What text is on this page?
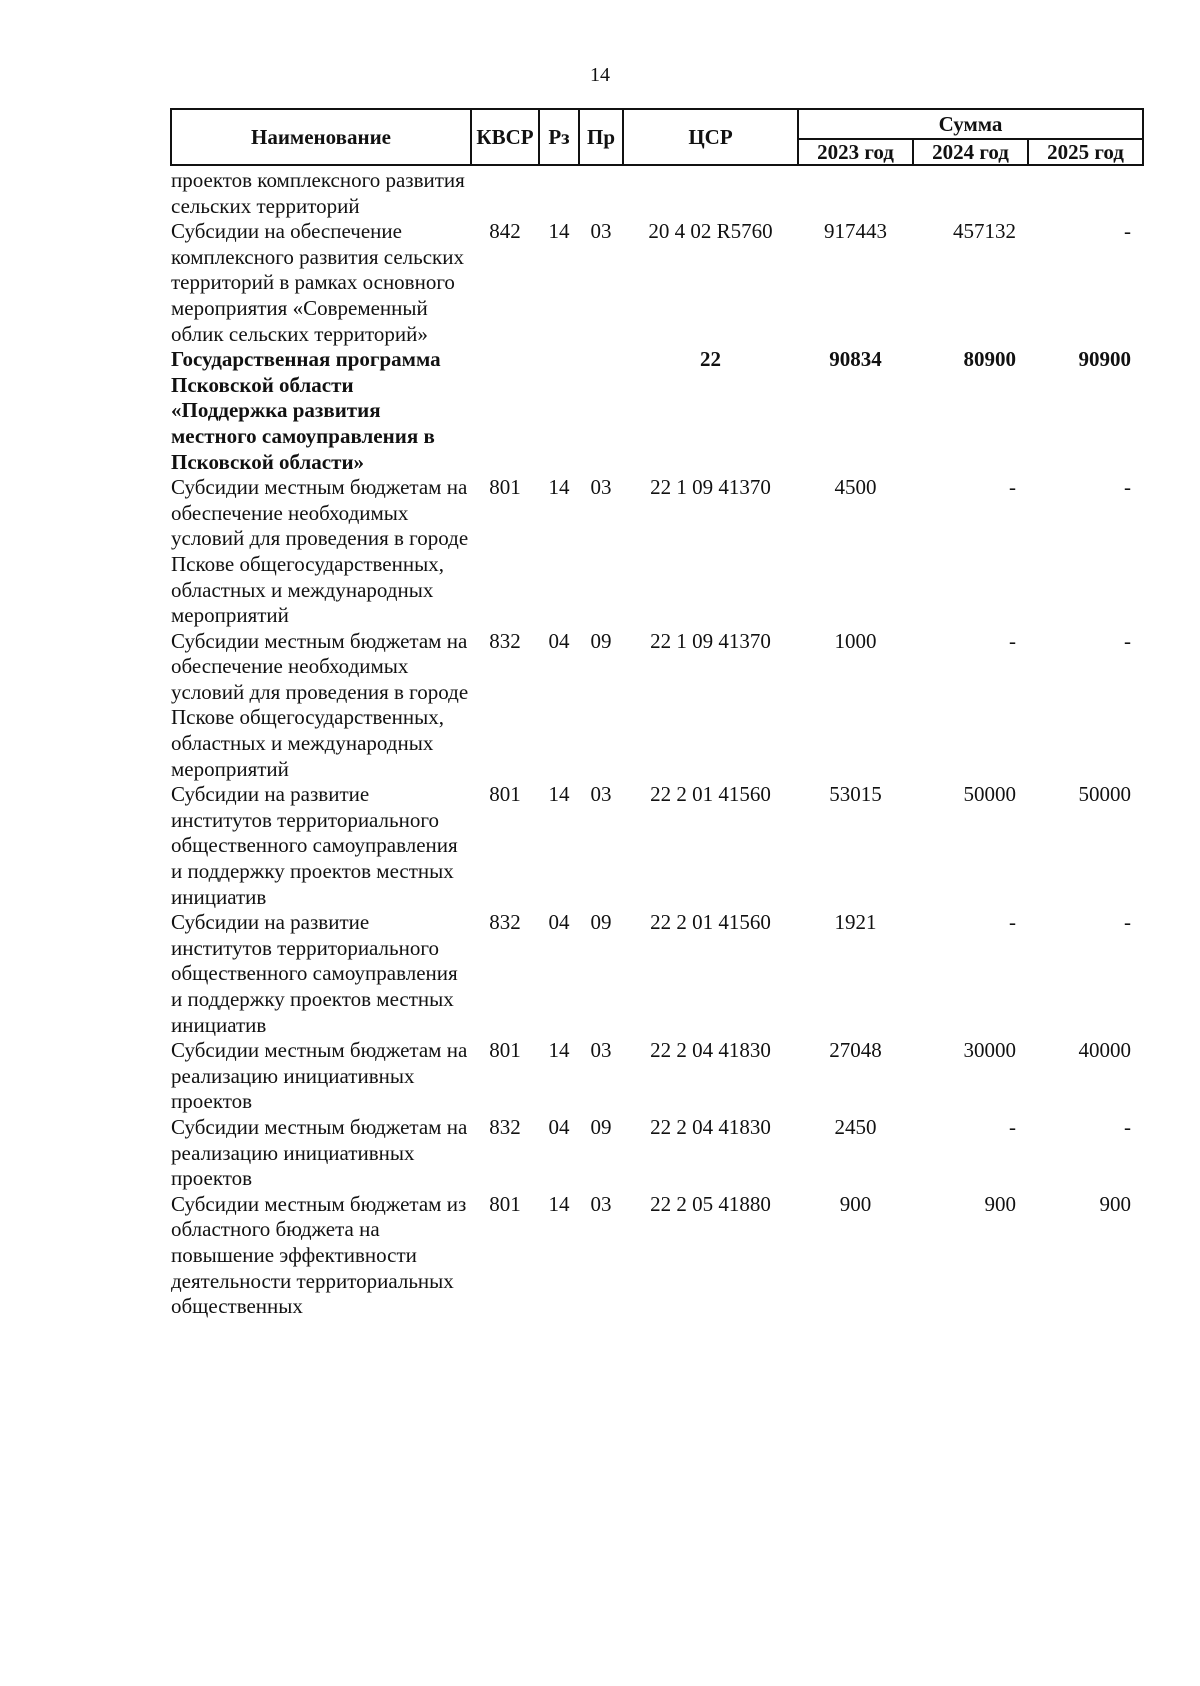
14
Наименование	КВСР	Рз	Пр	ЦСР	Сумма		
					2023 год	2024 год	2025 год
проектов комплексного развития сельских территорий							
Субсидии на обеспечение комплексного развития сельских территорий в рамках основного мероприятия «Современный облик сельских территорий»	842	14	03	20 4 02 R5760	917443	457132	-
Государственная программа Псковской области «Поддержка развития местного самоуправления в Псковской области»				22	90834	80900	90900
Субсидии местным бюджетам на обеспечение необходимых условий для проведения в городе Пскове общегосударственных, областных и международных мероприятий	801	14	03	22 1 09 41370	4500	-	-
Субсидии местным бюджетам на обеспечение необходимых условий для проведения в городе Пскове общегосударственных, областных и международных мероприятий	832	04	09	22 1 09 41370	1000	-	-
Субсидии на развитие институтов территориального общественного самоуправления и поддержку проектов местных инициатив	801	14	03	22 2 01 41560	53015	50000	50000
Субсидии на развитие институтов территориального общественного самоуправления и поддержку проектов местных инициатив	832	04	09	22 2 01 41560	1921	-	-
Субсидии местным бюджетам на реализацию инициативных проектов	801	14	03	22 2 04 41830	27048	30000	40000
Субсидии местным бюджетам на реализацию инициативных проектов	832	04	09	22 2 04 41830	2450	-	-
Субсидии местным бюджетам из областного бюджета на повышение эффективности деятельности территориальных общественных	801	14	03	22 2 05 41880	900	900	900
